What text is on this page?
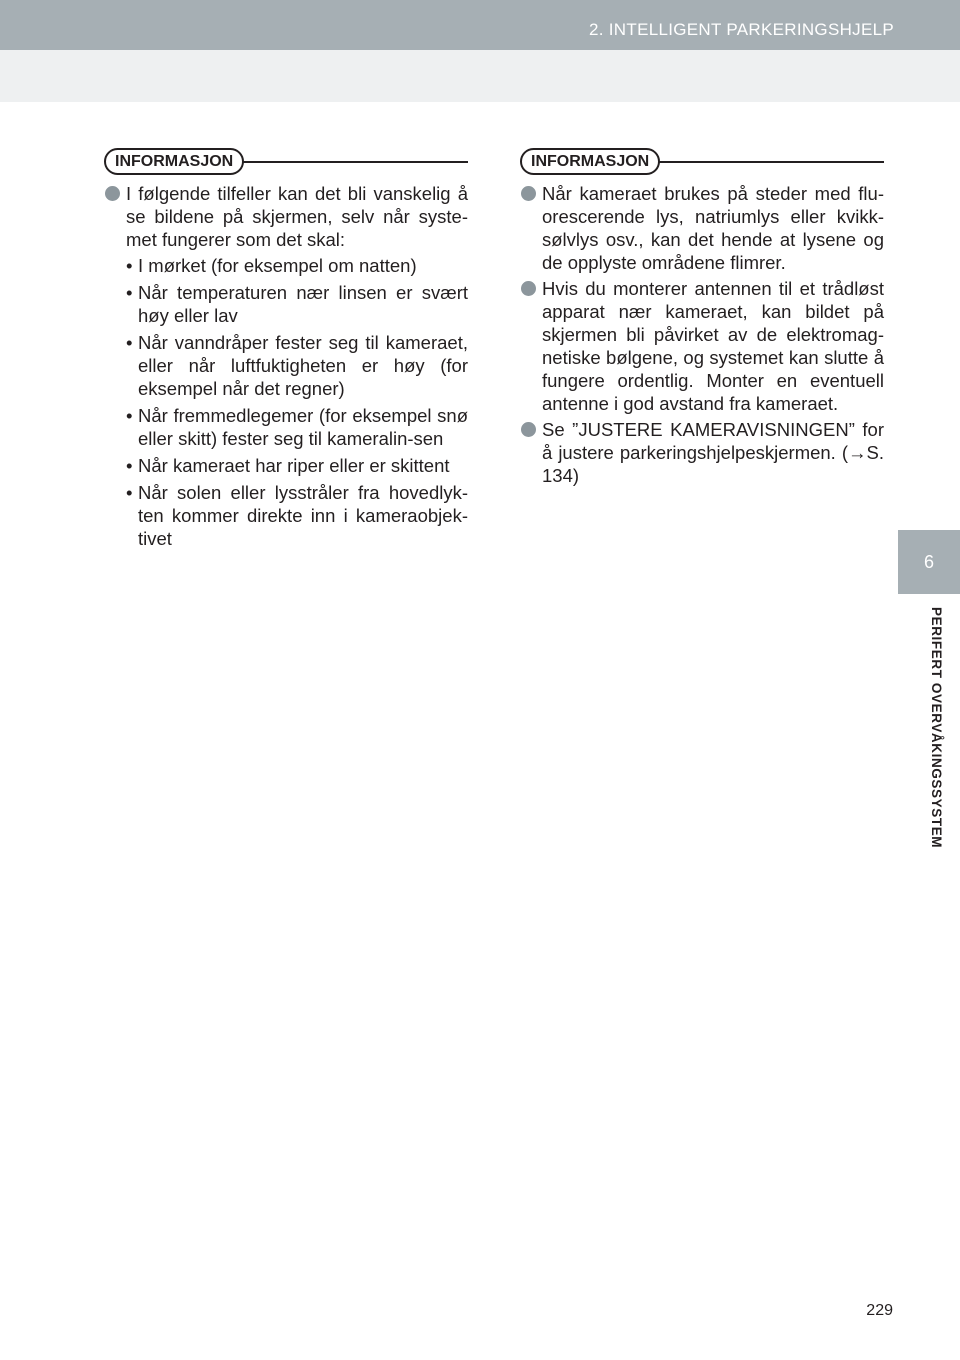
2. INTELLIGENT PARKERINGSHJELP
6
PERIFERT OVERVÅKINGSSYSTEM
INFORMASJON
I følgende tilfeller kan det bli vanskelig å se bildene på skjermen, selv når syste-met fungerer som det skal:
• I mørket (for eksempel om natten)
• Når temperaturen nær linsen er svært høy eller lav
• Når vanndråper fester seg til kameraet, eller når luftfuktigheten er høy (for eksempel når det regner)
• Når fremmedlegemer (for eksempel snø eller skitt) fester seg til kameralin-sen
• Når kameraet har riper eller er skittent
• Når solen eller lysstråler fra hovedlyk-ten kommer direkte inn i kameraobjek-tivet
INFORMASJON
Når kameraet brukes på steder med flu-orescerende lys, natriumlys eller kvikk-sølvlys osv., kan det hende at lysene og de opplyste områdene flimrer.
Hvis du monterer antennen til et trådløst apparat nær kameraet, kan bildet på skjermen bli påvirket av de elektromag-netiske bølgene, og systemet kan slutte å fungere ordentlig. Monter en eventuell antenne i god avstand fra kameraet.
Se ”JUSTERE KAMERAVISNINGEN” for å justere parkeringshjelpeskjermen. (→S. 134)
229
